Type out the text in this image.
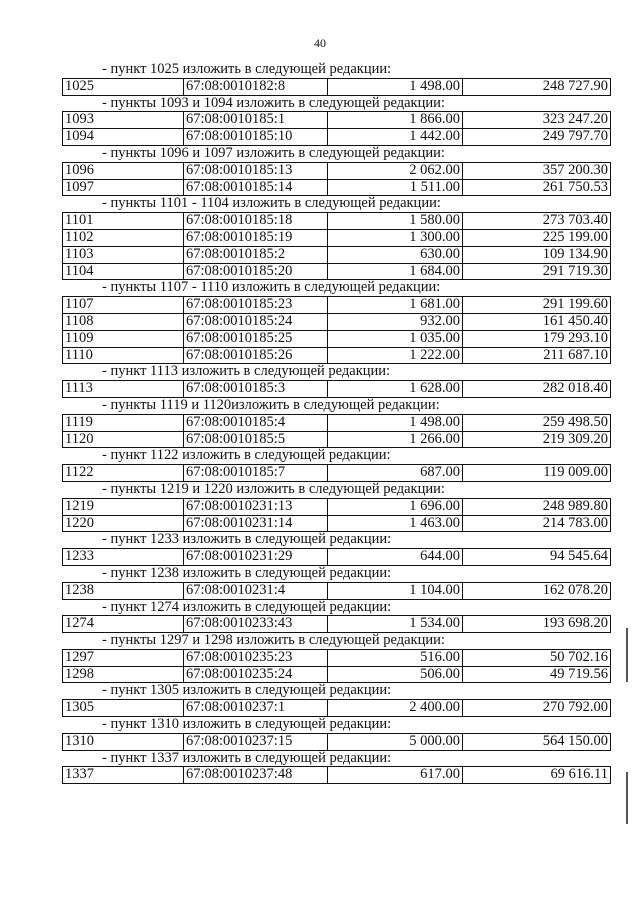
40
- пункт 1025 изложить в следующей редакции:
1025	67:08:0010182:8	1 498.00	248 727.90
- пункты 1093 и 1094 изложить в следующей редакции:
1093	67:08:0010185:1	1 866.00	323 247.20
1094	67:08:0010185:10	1 442.00	249 797.70
- пункты 1096 и 1097 изложить в следующей редакции:
1096	67:08:0010185:13	2 062.00	357 200.30
1097	67:08:0010185:14	1 511.00	261 750.53
- пункты 1101 - 1104 изложить в следующей редакции:
1101	67:08:0010185:18	1 580.00	273 703.40
1102	67:08:0010185:19	1 300.00	225 199.00
1103	67:08:0010185:2	630.00	109 134.90
1104	67:08:0010185:20	1 684.00	291 719.30
- пункты 1107 - 1110 изложить в следующей редакции:
1107	67:08:0010185:23	1 681.00	291 199.60
1108	67:08:0010185:24	932.00	161 450.40
1109	67:08:0010185:25	1 035.00	179 293.10
1110	67:08:0010185:26	1 222.00	211 687.10
- пункт 1113 изложить в следующей редакции:
1113	67:08:0010185:3	1 628.00	282 018.40
- пункты 1119 и 1120изложить в следующей редакции:
1119	67:08:0010185:4	1 498.00	259 498.50
1120	67:08:0010185:5	1 266.00	219 309.20
- пункт 1122 изложить в следующей редакции:
1122	67:08:0010185:7	687.00	119 009.00
- пункты 1219 и 1220 изложить в следующей редакции:
1219	67:08:0010231:13	1 696.00	248 989.80
1220	67:08:0010231:14	1 463.00	214 783.00
- пункт 1233 изложить в следующей редакции:
1233	67:08:0010231:29	644.00	94 545.64
- пункт 1238 изложить в следующей редакции:
1238	67:08:0010231:4	1 104.00	162 078.20
- пункт 1274 изложить в следующей редакции:
1274	67:08:0010233:43	1 534.00	193 698.20
- пункты 1297 и 1298 изложить в следующей редакции:
1297	67:08:0010235:23	516.00	50 702.16
1298	67:08:0010235:24	506.00	49 719.56
- пункт 1305 изложить в следующей редакции:
1305	67:08:0010237:1	2 400.00	270 792.00
- пункт 1310 изложить в следующей редакции:
1310	67:08:0010237:15	5 000.00	564 150.00
- пункт 1337 изложить в следующей редакции:
1337	67:08:0010237:48	617.00	69 616.11
